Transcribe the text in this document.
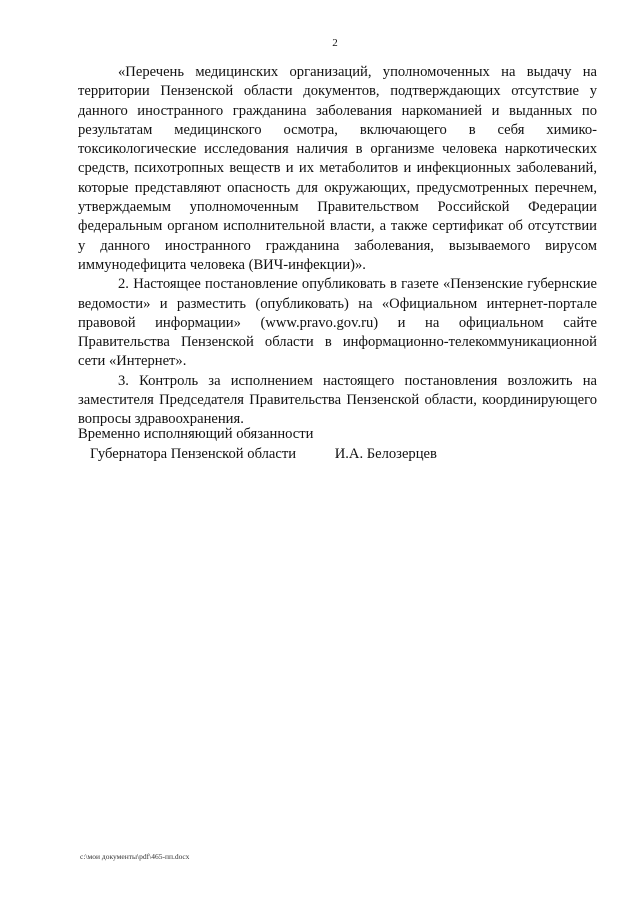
2

«Перечень медицинских организаций, уполномоченных на выдачу на территории Пензенской области документов, подтверждающих отсутствие у данного иностранного гражданина заболевания наркоманией и выданных по результатам медицинского осмотра, включающего в себя химико-токсикологические исследования наличия в организме человека наркотических средств, психотропных веществ и их метаболитов и инфекционных заболеваний, которые представляют опасность для окружающих, предусмотренных перечнем, утверждаемым уполномоченным Правительством Российской Федерации федеральным органом исполнительной власти, а также сертификат об отсутствии у данного иностранного гражданина заболевания, вызываемого вирусом иммунодефицита человека (ВИЧ-инфекции)».

2. Настоящее постановление опубликовать в газете «Пензенские губернские ведомости» и разместить (опубликовать) на «Официальном интернет-портале правовой информации» (www.pravo.gov.ru) и на официальном сайте Правительства Пензенской области в информационно-телекоммуникационной сети «Интернет».

3. Контроль за исполнением настоящего постановления возложить на заместителя Председателя Правительства Пензенской области, координирующего вопросы здравоохранения.

Временно исполняющий обязанности
Губернатора Пензенской области	И.А. Белозерцев
c:\мои документы\pdf\465-пп.docx
